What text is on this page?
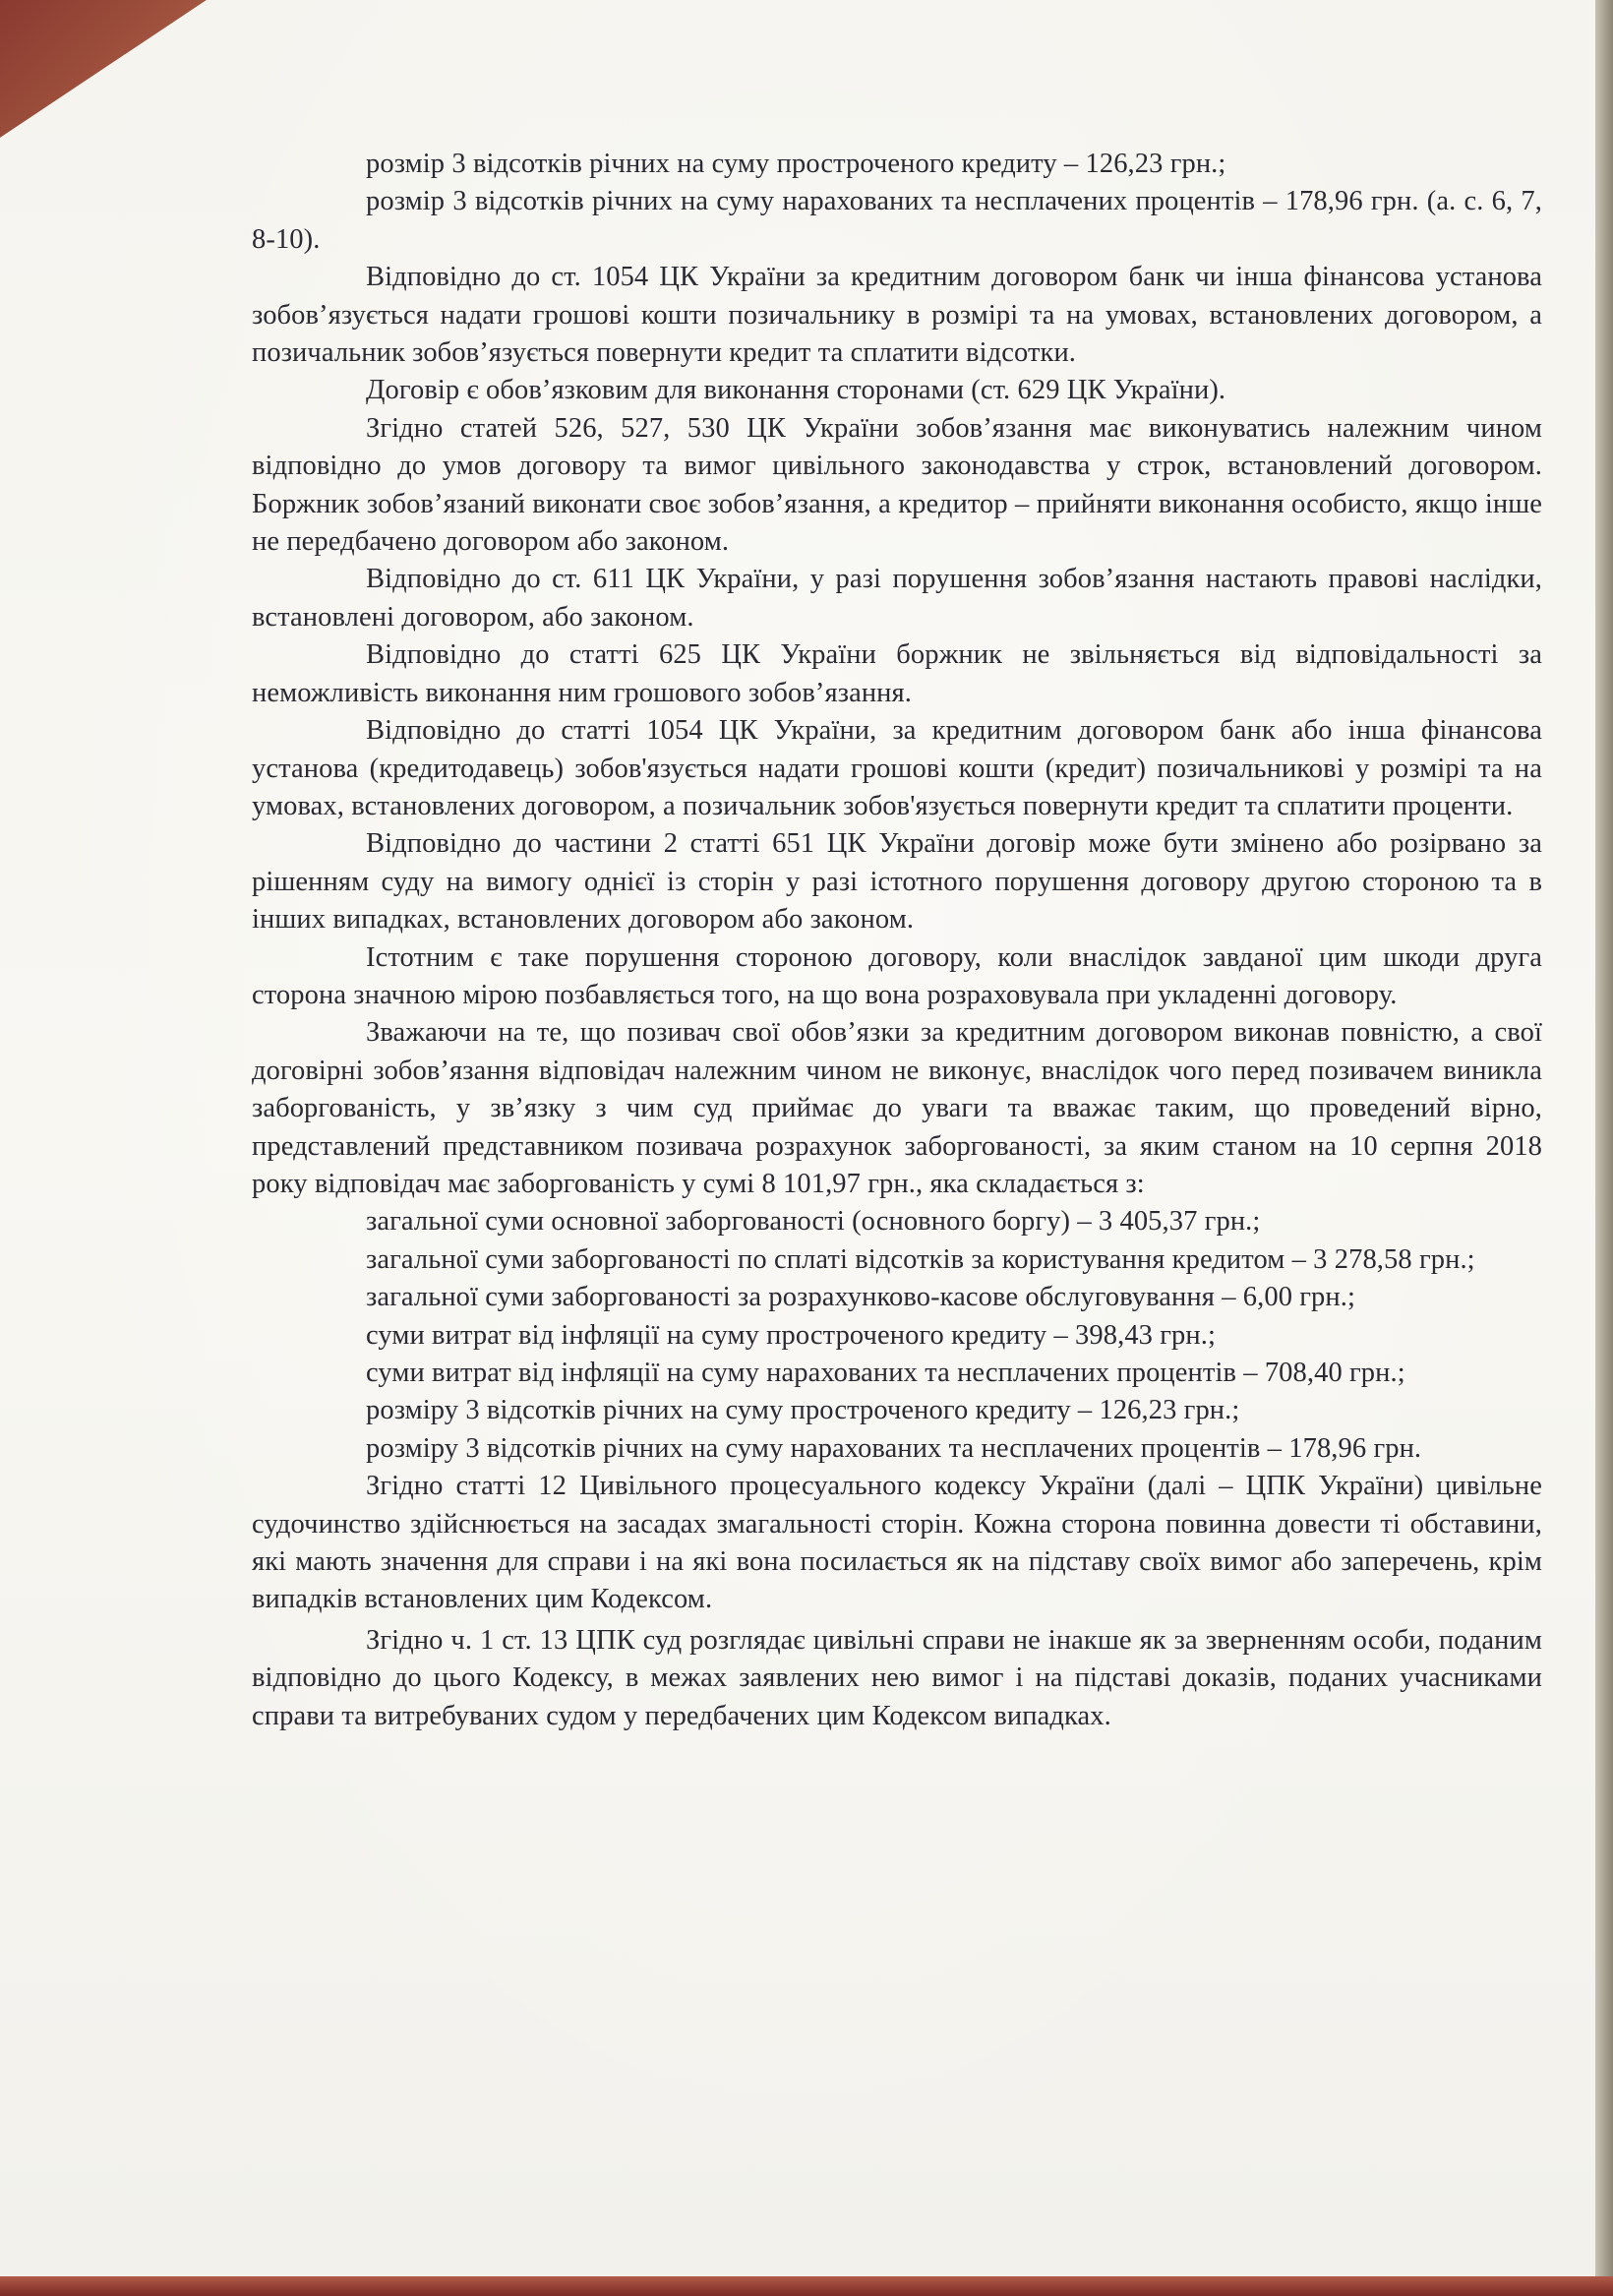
розмір 3 відсотків річних на суму простроченого кредиту – 126,23 грн.;

розмір 3 відсотків річних на суму нарахованих та несплачених процентів – 178,96 грн. (а. с. 6, 7, 8-10).

Відповідно до ст. 1054 ЦК України за кредитним договором банк чи інша фінансова установа зобов’язується надати грошові кошти позичальнику в розмірі та на умовах, встановлених договором, а позичальник зобов’язується повернути кредит та сплатити відсотки.

Договір є обов’язковим для виконання сторонами (ст. 629 ЦК України).

Згідно статей 526, 527, 530 ЦК України зобов’язання має виконуватись належним чином відповідно до умов договору та вимог цивільного законодавства у строк, встановлений договором. Боржник зобов’язаний виконати своє зобов’язання, а кредитор – прийняти виконання особисто, якщо інше не передбачено договором або законом.

Відповідно до ст. 611 ЦК України, у разі порушення зобов’язання настають правові наслідки, встановлені договором, або законом.

Відповідно до статті 625 ЦК України боржник не звільняється від відповідальності за неможливість виконання ним грошового зобов’язання.

Відповідно до статті 1054 ЦК України, за кредитним договором банк або інша фінансова установа (кредитодавець) зобов'язується надати грошові кошти (кредит) позичальникові у розмірі та на умовах, встановлених договором, а позичальник зобов'язується повернути кредит та сплатити проценти.

Відповідно до частини 2 статті 651 ЦК України договір може бути змінено або розірвано за рішенням суду на вимогу однієї із сторін у разі істотного порушення договору другою стороною та в інших випадках, встановлених договором або законом.

Істотним є таке порушення стороною договору, коли внаслідок завданої цим шкоди друга сторона значною мірою позбавляється того, на що вона розраховувала при укладенні договору.

Зважаючи на те, що позивач свої обов’язки за кредитним договором виконав повністю, а свої договірні зобов’язання відповідач належним чином не виконує, внаслідок чого перед позивачем виникла заборгованість, у зв’язку з чим суд приймає до уваги та вважає таким, що проведений вірно, представлений представником позивача розрахунок заборгованості, за яким станом на 10 серпня 2018 року відповідач має заборгованість у сумі 8 101,97 грн., яка складається з:

загальної суми основної заборгованості (основного боргу) – 3 405,37 грн.;

загальної суми заборгованості по сплаті відсотків за користування кредитом – 3 278,58 грн.;

загальної суми заборгованості за розрахунково-касове обслуговування – 6,00 грн.;

суми витрат від інфляції на суму простроченого кредиту – 398,43 грн.;

суми витрат від інфляції на суму нарахованих та несплачених процентів – 708,40 грн.;

розміру 3 відсотків річних на суму простроченого кредиту – 126,23 грн.;

розміру 3 відсотків річних на суму нарахованих та несплачених процентів – 178,96 грн.

Згідно статті 12 Цивільного процесуального кодексу України (далі – ЦПК України) цивільне судочинство здійснюється на засадах змагальності сторін. Кожна сторона повинна довести ті обставини, які мають значення для справи і на які вона посилається як на підставу своїх вимог або заперечень, крім випадків встановлених цим Кодексом.

Згідно ч. 1 ст. 13 ЦПК суд розглядає цивільні справи не інакше як за зверненням особи, поданим відповідно до цього Кодексу, в межах заявлених нею вимог і на підставі доказів, поданих учасниками справи та витребуваних судом у передбачених цим Кодексом випадках.
